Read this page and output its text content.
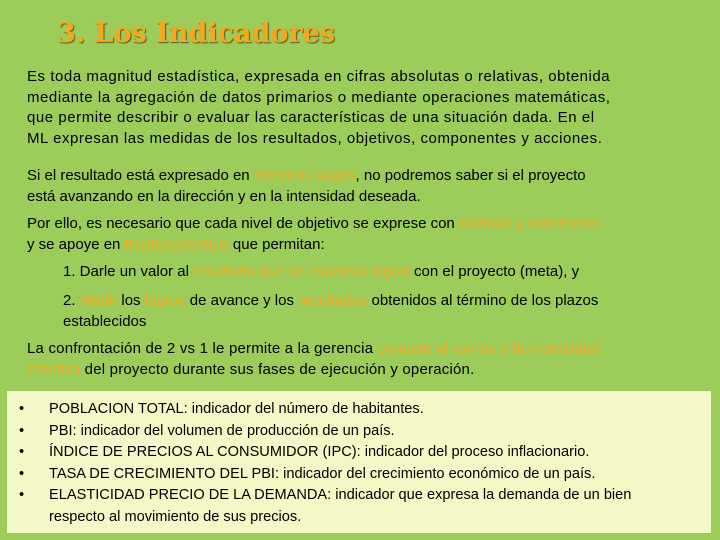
3. Los Indicadores
Es toda magnitud estadística, expresada en cifras absolutas o relativas, obtenida
mediante la agregación de datos primarios o mediante operaciones matemáticas,
que permite describir o evaluar las características de una situación dada. En el
ML expresan las medidas de los resultados, objetivos, componentes y acciones.
Si el resultado está expresado en términos vagos, no podremos saber si el proyecto
está avanzando en la dirección y en la intensidad deseada.
Por ello, es necesario que cada nivel de objetivo se exprese con claridad y concreción
y se apoye en INDICADORES que permitan:
1. Darle un valor al resultado que se esperará lograr con el proyecto (meta), y
2. Medir los logros de avance y los resultados obtenidos al término de los plazos
establecidos
La confrontación de 2 vs 1 le permite a la gerencia conocer el rumbo y la intensidad
efectiva del proyecto durante sus fases de ejecución y operación.
• POBLACION TOTAL: indicador del número de habitantes.
• PBI: indicador del volumen de producción de un país.
• ÍNDICE DE PRECIOS AL CONSUMIDOR (IPC): indicador del proceso inflacionario.
• TASA DE CRECIMIENTO DEL PBI: indicador del crecimiento económico de un país.
• ELASTICIDAD PRECIO DE LA DEMANDA: indicador que expresa la demanda de un bien
respecto al movimiento de sus precios.
